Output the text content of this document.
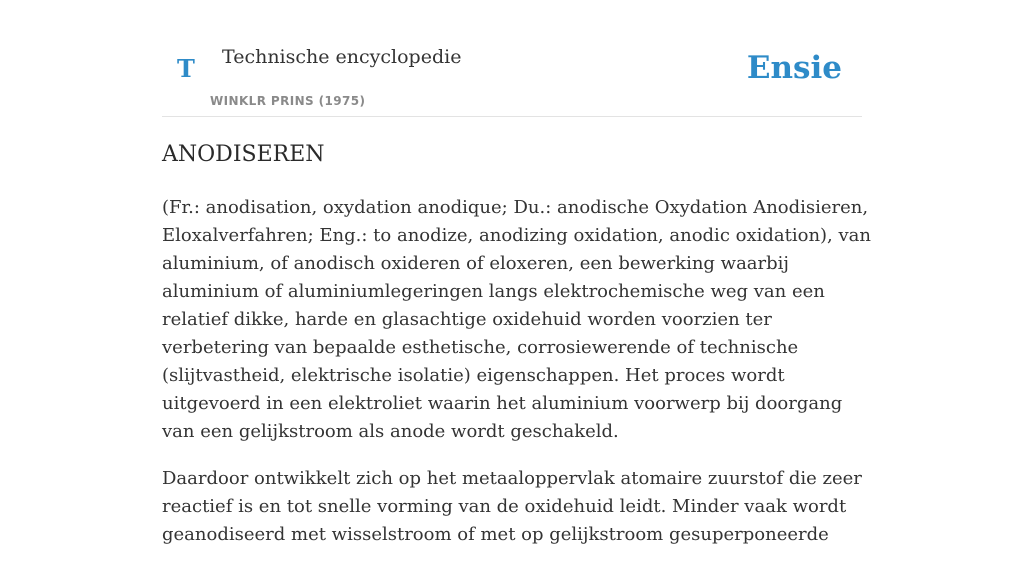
T Technische encyclopedie
WINKLR PRINS (1975)
Ensie
ANODISEREN

(Fr.: anodisation, oxydation anodique; Du.: anodische Oxydation Anodisieren, Eloxalverfahren; Eng.: to anodize, anodizing oxidation, anodic oxidation), van aluminium, of anodisch oxideren of eloxeren, een bewerking waarbij aluminium of aluminiumlegeringen langs elektrochemische weg van een relatief dikke, harde en glasachtige oxidehuid worden voorzien ter verbetering van bepaalde esthetische, corrosiewerende of technische (slijtvastheid, elektrische isolatie) eigenschappen. Het proces wordt uitgevoerd in een elektroliet waarin het aluminium voorwerp bij doorgang van een gelijkstroom als anode wordt geschakeld.

Daardoor ontwikkelt zich op het metaaloppervlak atomaire zuurstof die zeer reactief is en tot snelle vorming van de oxidehuid leidt. Minder vaak wordt geanodiseerd met wisselstroom of met op gelijkstroom gesuperponeerde
